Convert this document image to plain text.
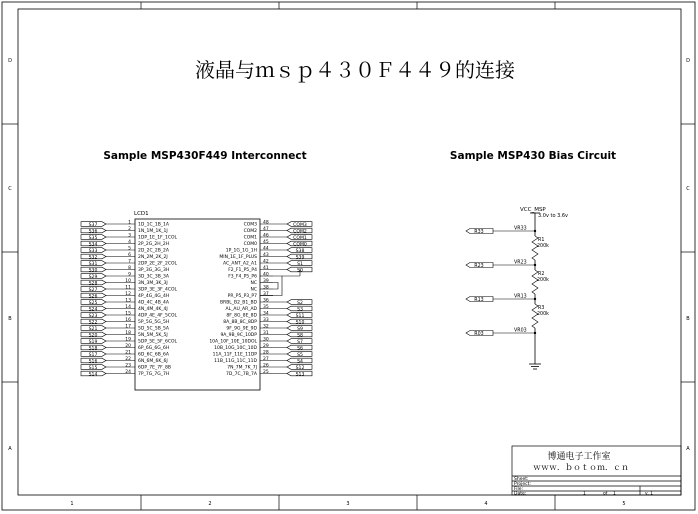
1	2	3	4	5
D	D
C	C
B	B
A	A
液晶与ｍｓｐ４３０Ｆ４４９的连接
Sample MSP430F449 Interconnect	Sample MSP430 Bias Circuit
LCD1
S37	1 1D_1C_1B_1A
S36	2 1N_1M_1K_1J
S35	3 1DP_1E_1F_1COL
S34	4 2P_2G_2H_2H
S33	5 2D_2C_2B_2A
S32	6 2N_2M_2K_2J
S31	7 2DP_2E_2F_2COL
S30	8 3P_3G_3G_3H
S29	9 3D_3C_3B_3A
S28	10 3N_3M_3K_3J
S27	11 3DP_3E_3F_4COL
S26	12 4P_4G_4G_4H
S25	13 4D_4C_4B_4A
S24	14 4N_4M_4K_4J
S23	15 4DP_4E_4F_5COL
S22	16 5P_5G_5G_5H
S21	17 5D_5C_5B_5A
S20	18 5N_5M_5K_5J
S19	19 5DP_5E_5F_6COL
S18	20 6P_6G_6G_6H
S17	21 6D_6C_6B_6A
S16	22 6N_6M_6K_6J
S15	23 6DP_7E_7F_8B
S14	24 7P_7G_7G_7H
COM3 48	COM3
COM2 47	COM2
COM1 46	COM1
COM0 45	COM0
1P_1G_1G_1H 44	S38
MIN_1E_1F_PLUS 43	S39
AC_ANT_A2_A1 42	S1
F2_F1_P5_P4 41	S0
F3_F4_P5_P6 40
NC 39
NC 38
PR_P5_P3_P7 37
BRBL_B2_B1_BD 36	S2
AL_AU_AR_AD 35	S3
8F_8G_8E_8D 34	S11
8A_8B_8C_8DP 33	S10
9F_9G_9E_9D 32	S9
9A_9B_9C_10DP 31	S8
10A_10F_10E_10DOL 30	S7
10B_10G_10C_10D 29	S6
11A_11F_11E_11DP 28	S5
11B_11G_11C_11D 27	S4
7N_7M_7K_7J 26	S12
7D_7C_7B_7A 25	S13
VCC_MSP
3.0v to 3.6v
R33
VR33
R23
VR23
R13
VR13
R03
VR03
R1
200k
R2
200k
R3
200k
博通电子工作室
ｗｗｗ．ｂｏｔｏｍ．ｃｎ
Sheet:
Project:
File:
Date:	1	of 1	v. 1
